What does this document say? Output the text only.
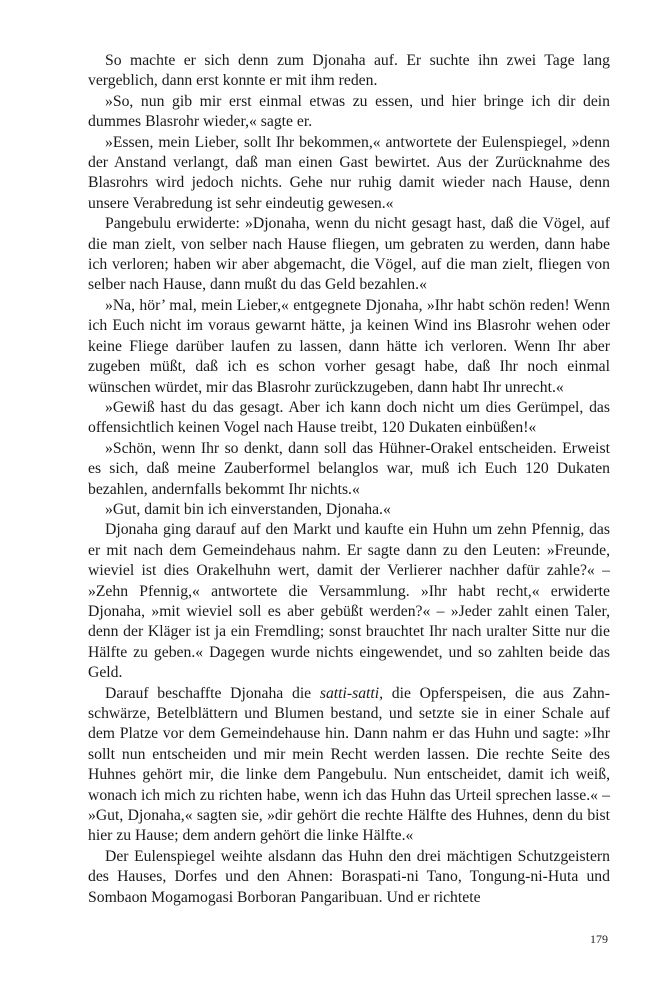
So machte er sich denn zum Djonaha auf. Er suchte ihn zwei Tage lang vergeblich, dann erst konnte er mit ihm reden.

»So, nun gib mir erst einmal etwas zu essen, und hier bringe ich dir dein dummes Blasrohr wieder,« sagte er.

»Essen, mein Lieber, sollt Ihr bekommen,« antwortete der Eulenspiegel, »denn der Anstand verlangt, daß man einen Gast bewirtet. Aus der Zurücknahme des Blasrohrs wird jedoch nichts. Gehe nur ruhig damit wieder nach Hause, denn unsere Verabredung ist sehr eindeutig gewesen.«

Pangebulu erwiderte: »Djonaha, wenn du nicht gesagt hast, daß die Vögel, auf die man zielt, von selber nach Hause fliegen, um gebraten zu werden, dann habe ich verloren; haben wir aber abgemacht, die Vögel, auf die man zielt, fliegen von selber nach Hause, dann mußt du das Geld bezahlen.«

»Na, hör’ mal, mein Lieber,« entgegnete Djonaha, »Ihr habt schön reden! Wenn ich Euch nicht im voraus gewarnt hätte, ja keinen Wind ins Blasrohr wehen oder keine Fliege darüber laufen zu lassen, dann hätte ich verloren. Wenn Ihr aber zugeben müßt, daß ich es schon vorher gesagt habe, daß Ihr noch einmal wünschen würdet, mir das Blasrohr zurückzugeben, dann habt Ihr unrecht.«

»Gewiß hast du das gesagt. Aber ich kann doch nicht um dies Gerümpel, das offensichtlich keinen Vogel nach Hause treibt, 120 Dukaten einbüßen!«

»Schön, wenn Ihr so denkt, dann soll das Hühner-Orakel entscheiden. Erweist es sich, daß meine Zauberformel belanglos war, muß ich Euch 120 Dukaten bezahlen, andernfalls bekommt Ihr nichts.«

»Gut, damit bin ich einverstanden, Djonaha.«

Djonaha ging darauf auf den Markt und kaufte ein Huhn um zehn Pfennig, das er mit nach dem Gemeindehaus nahm. Er sagte dann zu den Leuten: »Freunde, wieviel ist dies Orakelhuhn wert, damit der Verlierer nachher dafür zahle?« – »Zehn Pfennig,« antwortete die Versammlung. »Ihr habt recht,« erwiderte Djonaha, »mit wieviel soll es aber gebüßt werden?« – »Jeder zahlt einen Taler, denn der Kläger ist ja ein Fremdling; sonst brauchtet Ihr nach uralter Sitte nur die Hälfte zu geben.« Dagegen wurde nichts eingewendet, und so zahlten beide das Geld.

Darauf beschaffte Djonaha die satti-satti, die Opferspeisen, die aus Zahnschwärze, Betelblättern und Blumen bestand, und setzte sie in einer Schale auf dem Platze vor dem Gemeindehause hin. Dann nahm er das Huhn und sagte: »Ihr sollt nun entscheiden und mir mein Recht werden lassen. Die rechte Seite des Huhnes gehört mir, die linke dem Pangebulu. Nun entscheidet, damit ich weiß, wonach ich mich zu richten habe, wenn ich das Huhn das Urteil sprechen lasse.« – »Gut, Djonaha,« sagten sie, »dir gehört die rechte Hälfte des Huhnes, denn du bist hier zu Hause; dem andern gehört die linke Hälfte.«

Der Eulenspiegel weihte alsdann das Huhn den drei mächtigen Schutzgeistern des Hauses, Dorfes und den Ahnen: Boraspati-ni Tano, Tongung-ni-Huta und Sombaon Mogamogasi Borboran Pangaribuan. Und er richtete

179
